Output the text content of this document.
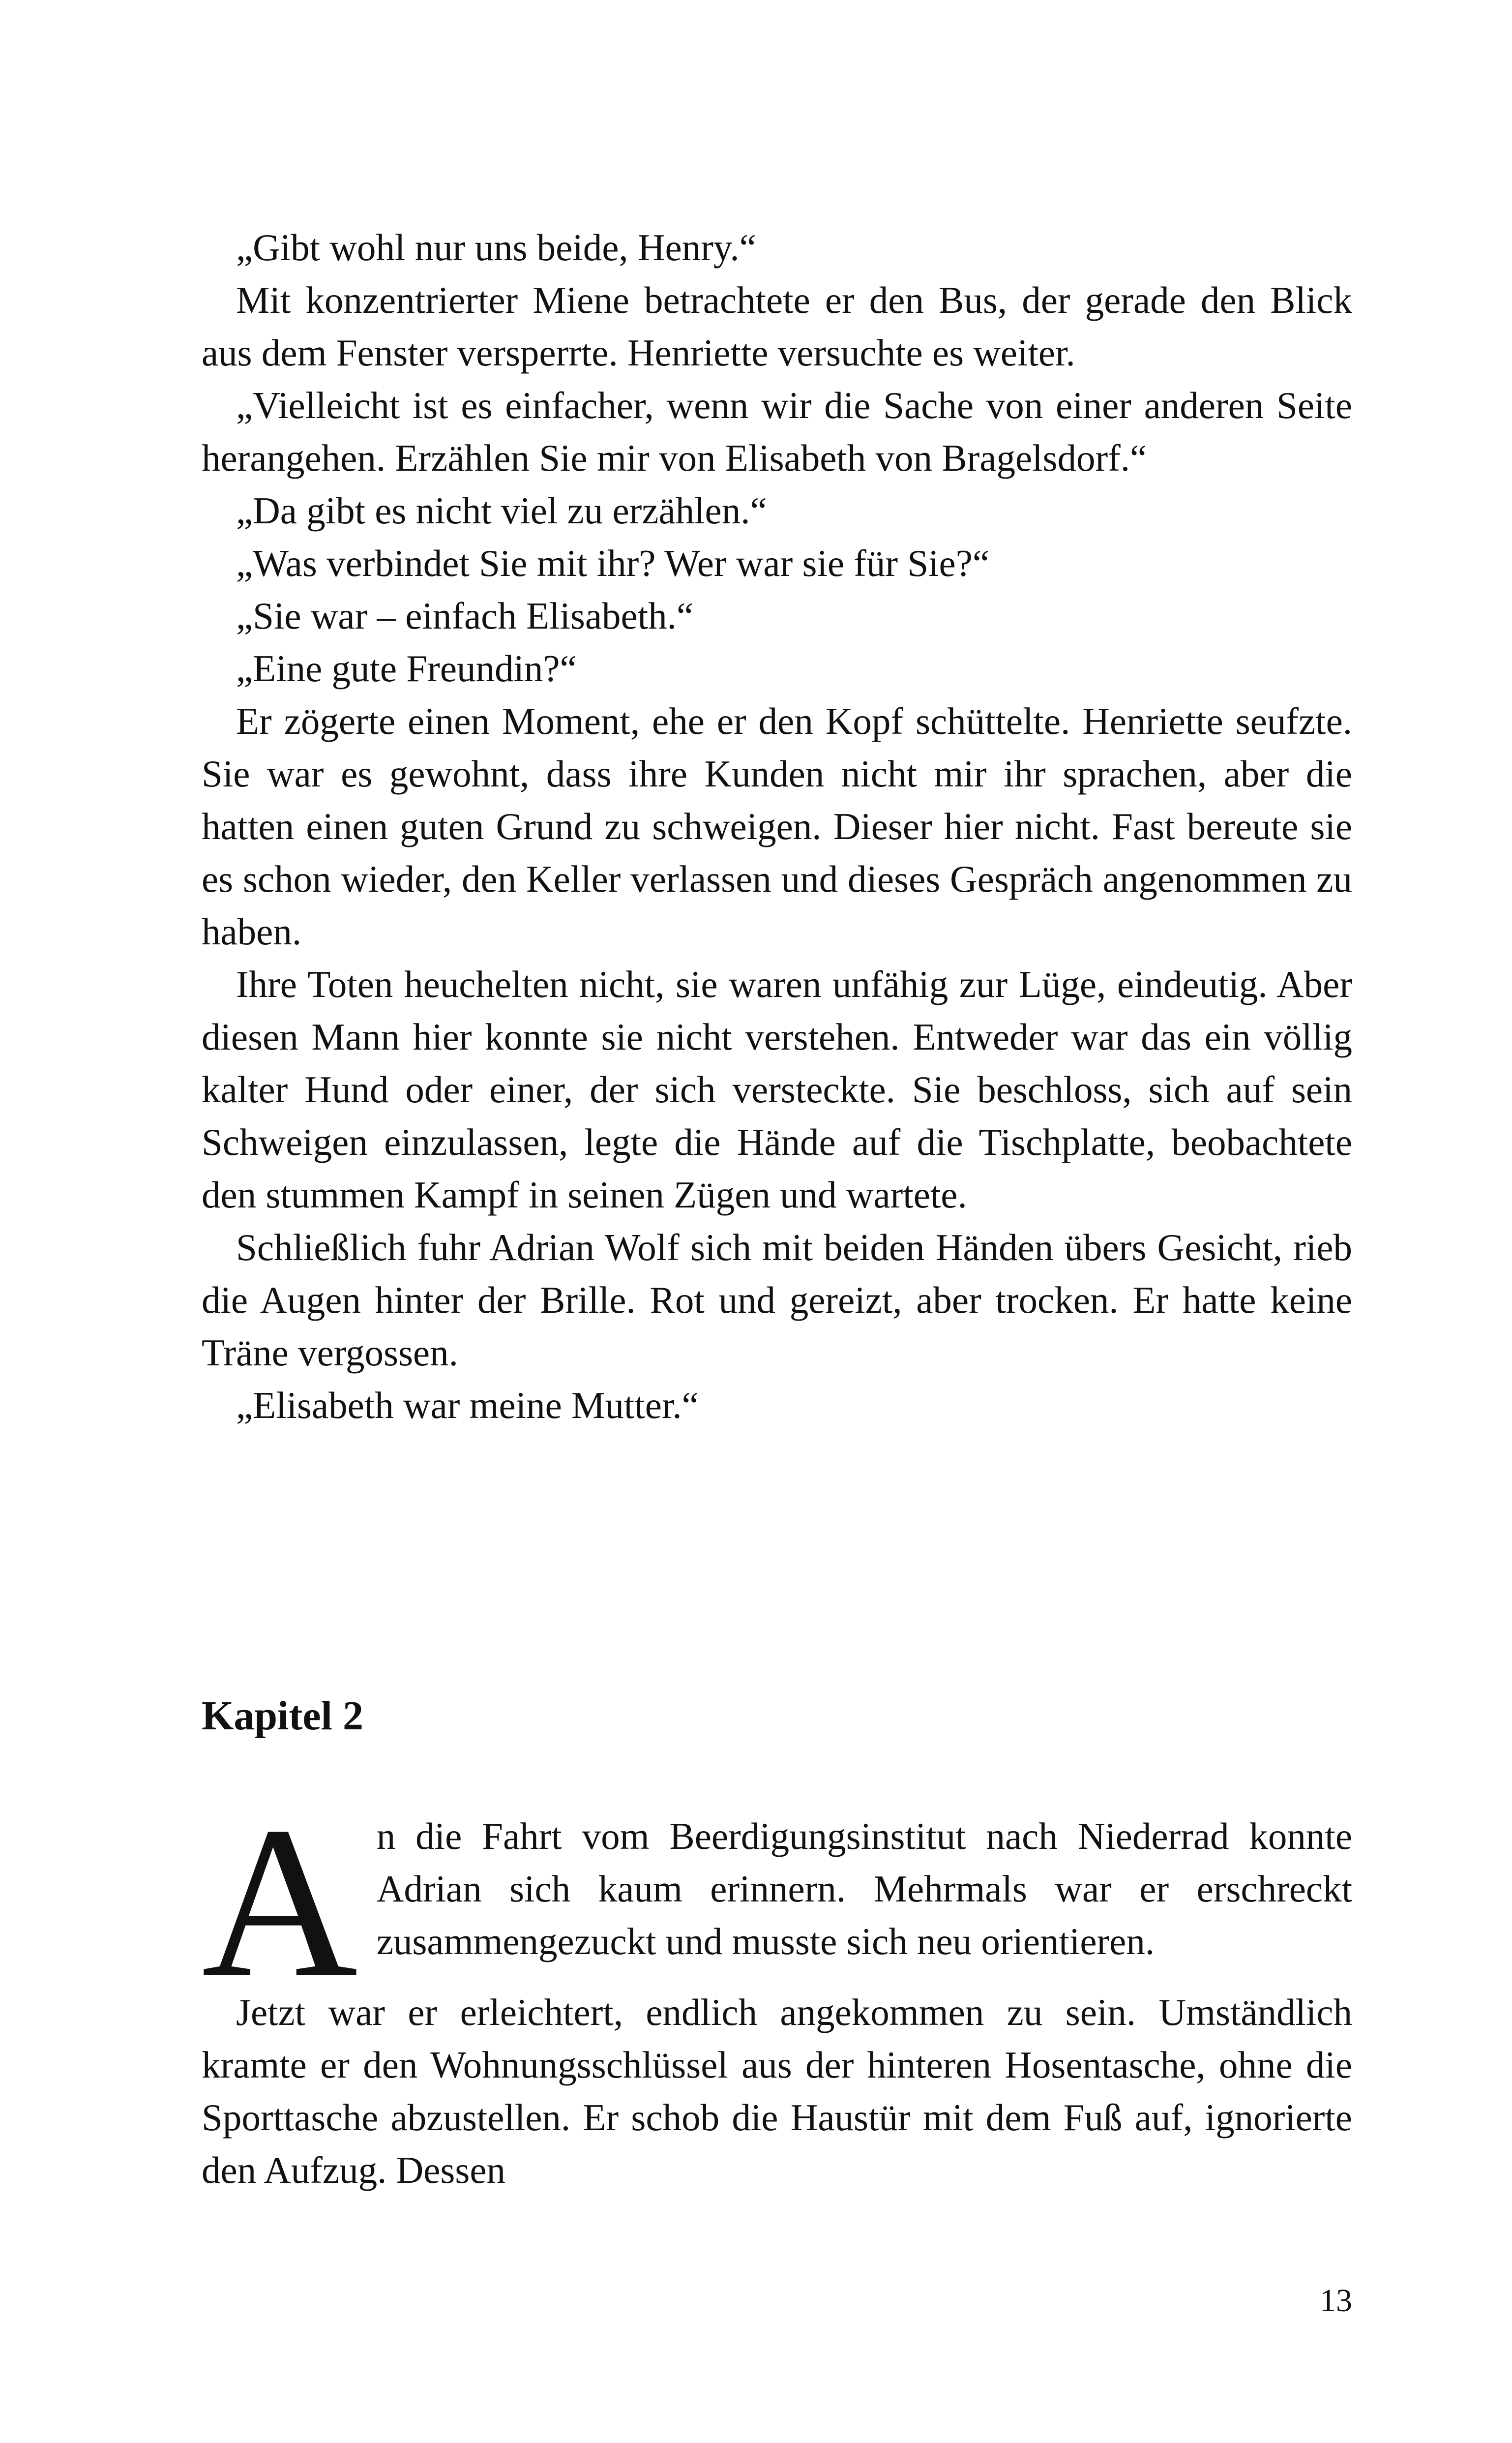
„Gibt wohl nur uns beide, Henry.“

Mit konzentrierter Miene betrachtete er den Bus, der gerade den Blick aus dem Fenster versperrte. Henriette versuchte es weiter.

„Vielleicht ist es einfacher, wenn wir die Sache von einer anderen Seite herangehen. Erzählen Sie mir von Elisabeth von Bragelsdorf.“

„Da gibt es nicht viel zu erzählen.“

„Was verbindet Sie mit ihr? Wer war sie für Sie?“

„Sie war – einfach Elisabeth.“

„Eine gute Freundin?“

Er zögerte einen Moment, ehe er den Kopf schüttelte. Henriette seufzte. Sie war es gewohnt, dass ihre Kunden nicht mir ihr sprachen, aber die hatten einen guten Grund zu schweigen. Dieser hier nicht. Fast bereute sie es schon wieder, den Keller verlassen und dieses Gespräch angenommen zu haben.

Ihre Toten heuchelten nicht, sie waren unfähig zur Lüge, eindeutig. Aber diesen Mann hier konnte sie nicht verstehen. Entweder war das ein völlig kalter Hund oder einer, der sich versteckte. Sie beschloss, sich auf sein Schweigen einzulassen, legte die Hände auf die Tischplatte, beobachtete den stummen Kampf in seinen Zügen und wartete.

Schließlich fuhr Adrian Wolf sich mit beiden Händen übers Gesicht, rieb die Augen hinter der Brille. Rot und gereizt, aber trocken. Er hatte keine Träne vergossen.

„Elisabeth war meine Mutter.“

Kapitel 2

An die Fahrt vom Beerdigungsinstitut nach Niederrad konnte Adrian sich kaum erinnern. Mehrmals war er erschreckt zusammengezuckt und musste sich neu orientieren.

Jetzt war er erleichtert, endlich angekommen zu sein. Umständlich kramte er den Wohnungsschlüssel aus der hinteren Hosentasche, ohne die Sporttasche abzustellen. Er schob die Haustür mit dem Fuß auf, ignorierte den Aufzug. Dessen

13
